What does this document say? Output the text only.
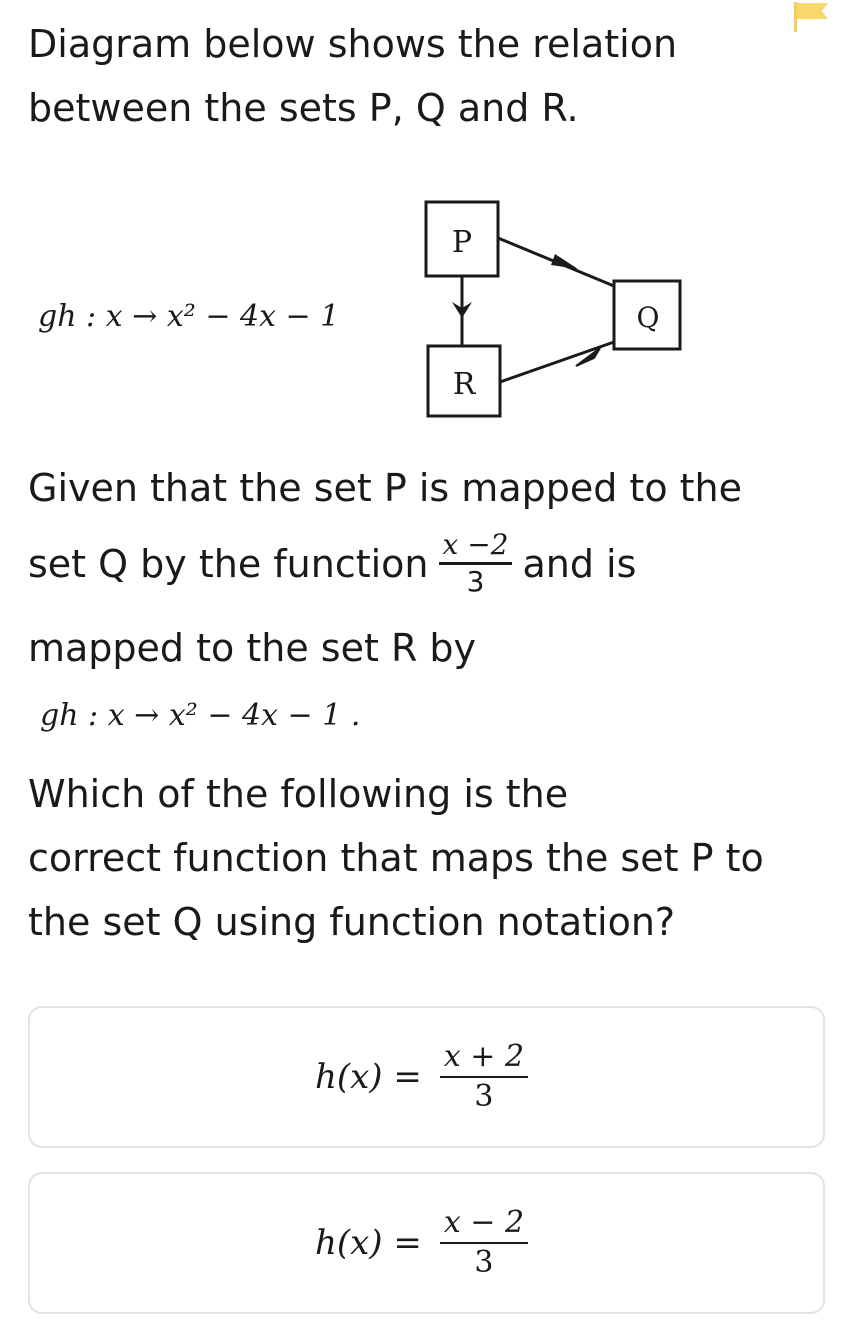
Diagram below shows the relation

between the sets P, Q and R.

gh : x → x² − 4x − 1
P
Q
R

Given that the set P is mapped to the

set Q by the function $\frac{x -2}{3}$ and is

mapped to the set R by

gh : x → x² − 4x − 1 .

Which of the following is the

correct function that maps the set P to

the set Q using function notation?

$h(x) = \frac{x + 2}{3}$
$h(x) = \frac{x - 2}{3}$
